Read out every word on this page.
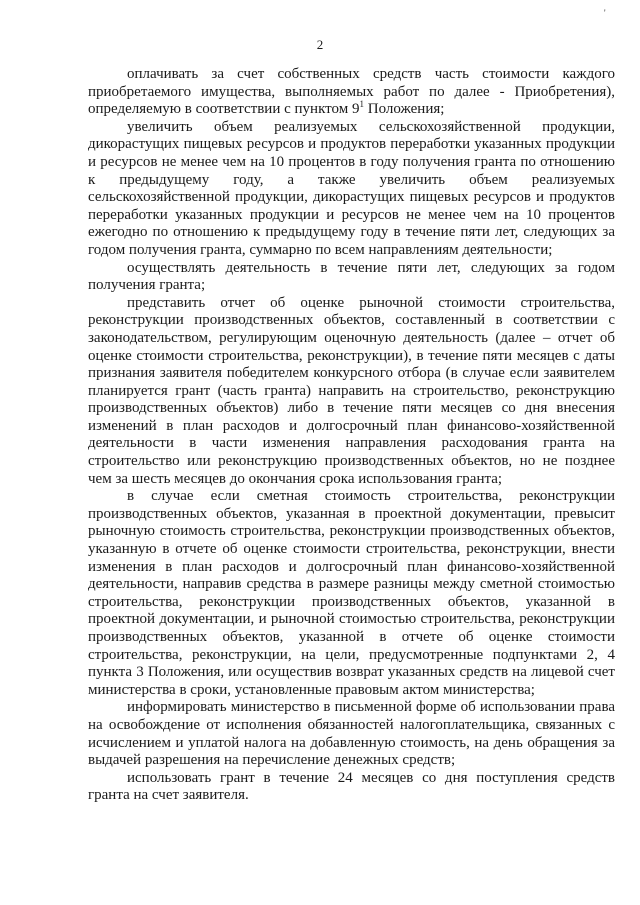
'
2

оплачивать за счет собственных средств часть стоимости каждого приобретаемого имущества, выполняемых работ по далее - Приобретения), определяемую в соответствии с пунктом $9^1$ Положения;

увеличить объем реализуемых сельскохозяйственной продукции, дикорастущих пищевых ресурсов и продуктов переработки указанных продукции и ресурсов не менее чем на 10 процентов в году получения гранта по отношению к предыдущему году, а также увеличить объем реализуемых сельскохозяйственной продукции, дикорастущих пищевых ресурсов и продуктов переработки указанных продукции и ресурсов не менее чем на 10 процентов ежегодно по отношению к предыдущему году в течение пяти лет, следующих за годом получения гранта, суммарно по всем направлениям деятельности;

осуществлять деятельность в течение пяти лет, следующих за годом получения гранта;

представить отчет об оценке рыночной стоимости строительства, реконструкции производственных объектов, составленный в соответствии с законодательством, регулирующим оценочную деятельность (далее – отчет об оценке стоимости строительства, реконструкции), в течение пяти месяцев с даты признания заявителя победителем конкурсного отбора (в случае если заявителем планируется грант (часть гранта) направить на строительство, реконструкцию производственных объектов) либо в течение пяти месяцев со дня внесения изменений в план расходов и долгосрочный план финансово-хозяйственной деятельности в части изменения направления расходования гранта на строительство или реконструкцию производственных объектов, но не позднее чем за шесть месяцев до окончания срока использования гранта;

в случае если сметная стоимость строительства, реконструкции производственных объектов, указанная в проектной документации, превысит рыночную стоимость строительства, реконструкции производственных объектов, указанную в отчете об оценке стоимости строительства, реконструкции, внести изменения в план расходов и долгосрочный план финансово-хозяйственной деятельности, направив средства в размере разницы между сметной стоимостью строительства, реконструкции производственных объектов, указанной в проектной документации, и рыночной стоимостью строительства, реконструкции производственных объектов, указанной в отчете об оценке стоимости строительства, реконструкции, на цели, предусмотренные подпунктами 2, 4 пункта 3 Положения, или осуществив возврат указанных средств на лицевой счет министерства в сроки, установленные правовым актом министерства;

информировать министерство в письменной форме об использовании права на освобождение от исполнения обязанностей налогоплательщика, связанных с исчислением и уплатой налога на добавленную стоимость, на день обращения за выдачей разрешения на перечисление денежных средств;

использовать грант в течение 24 месяцев со дня поступления средств гранта на счет заявителя.
